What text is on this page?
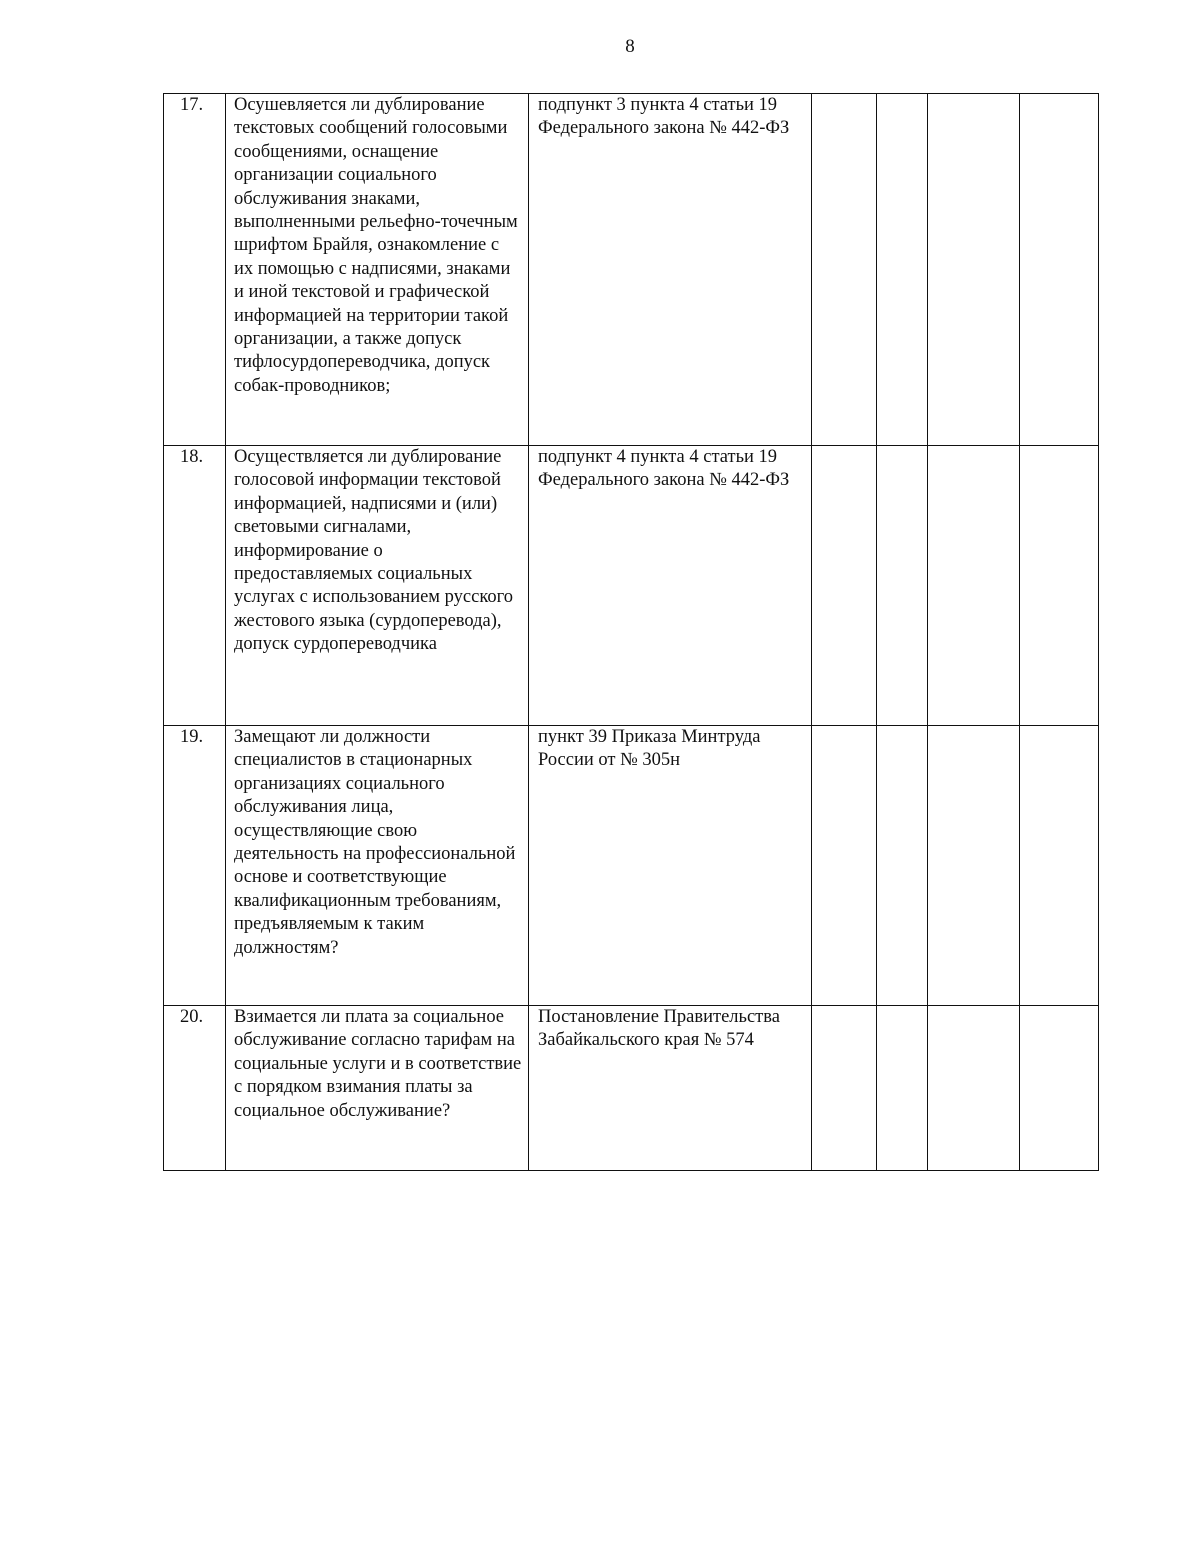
8
17.	Осушевляется ли дублирование текстовых сообщений голосовыми сообщениями, оснащение организации социального обслуживания знаками, выполненными рельефно-точечным шрифтом Брайля, ознакомление с их помощью с надписями, знаками и иной текстовой и графической информацией на территории такой организации, а также допуск тифлосурдопереводчика, допуск собак-проводников;	подпункт 3 пункта 4 статьи 19 Федерального закона № 442-ФЗ				

18.	Осуществляется ли дублирование голосовой информации текстовой информацией, надписями и (или) световыми сигналами, информирование о предоставляемых социальных услугах с использованием русского жестового языка (сурдоперевода), допуск сурдопереводчика	подпункт 4 пункта 4 статьи 19 Федерального закона № 442-ФЗ				

19.	Замещают ли должности специалистов в стационарных организациях социального обслуживания лица, осуществляющие свою деятельность на профессиональной основе и соответствующие квалификационным требованиям, предъявляемым к таким должностям?	пункт 39 Приказа Минтруда России от № 305н				

20.	Взимается ли плата за социальное обслуживание согласно тарифам на социальные услуги и в соответствие с порядком взимания платы за социальное обслуживание?	Постановление Правительства Забайкальского края № 574				
